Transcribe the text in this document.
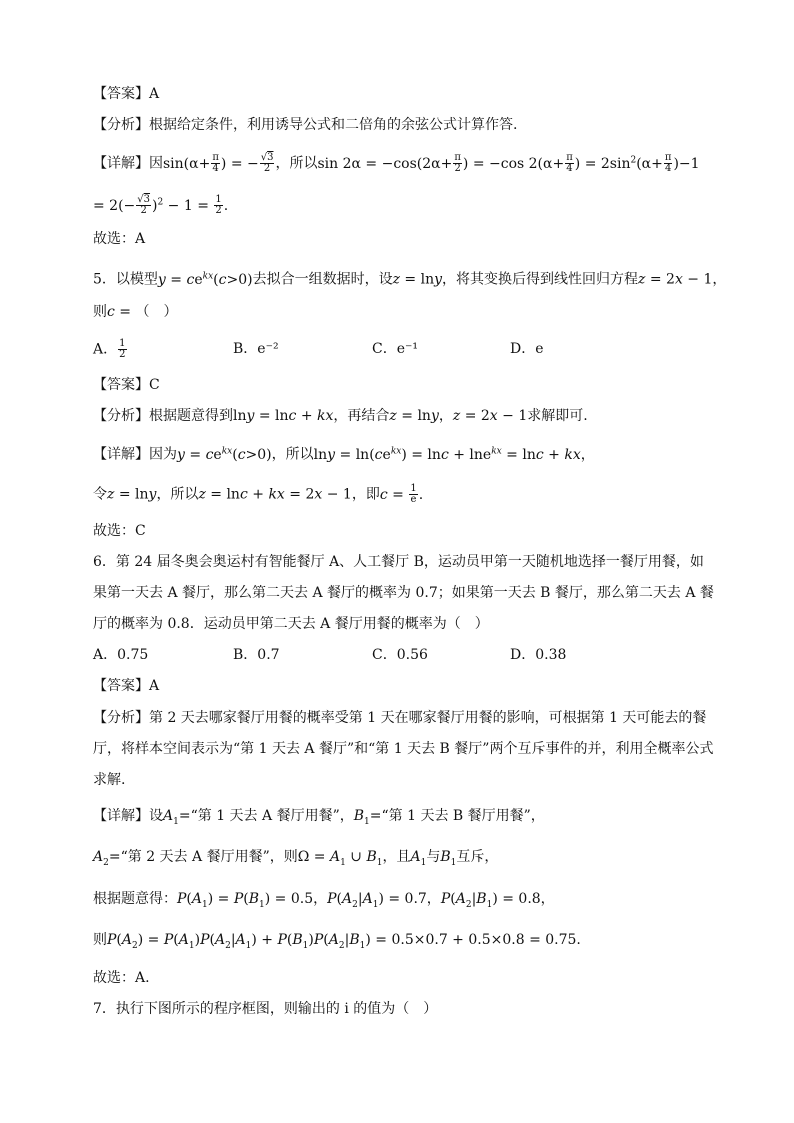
【答案】A
【分析】根据给定条件，利用诱导公式和二倍角的余弦公式计算作答.
【详解】因$\sin(\alpha+ \frac{\pi}{4}$ ) = − $\frac{√3}{2}$ ，所以$\sin 2\alpha = -\cos(2\alpha+ \frac{\pi}{2}$ ) = −cos $2(\alpha+ \frac{\pi}{4}$ ) = $2\sin^2(\alpha+ \frac{\pi}{4} )-1$
= $2(- \frac{√3}{2} )^2 - 1 = \frac{1}{2}$ .
故选：A
5．以模型$y = ce^{kx}(c>0)$去拟合一组数据时，设z = lny，将其变换后得到线性回归方程z = 2x − 1，
则c = （　）
A． $\frac{1}{2}$	B．e⁻²	C．e⁻¹	D．e
【答案】C
【分析】根据题意得到lny = lnc + kx，再结合z = lny，z = 2x − 1求解即可.
【详解】因为$y = ce^{kx}(c>0)$，所以$\ln y = \ln(ce^{kx}) = \ln c + \ln e^{kx} = \ln c$ + kx，
令z = lny，所以z = lnc + kx = 2x − 1，即$c = \frac{1}{e}$ .
故选：C
6．第 24 届冬奥会奥运村有智能餐厅 A、人工餐厅 B，运动员甲第一天随机地选择一餐厅用餐，如
果第一天去 A 餐厅，那么第二天去 A 餐厅的概率为 0.7；如果第一天去 B 餐厅，那么第二天去 A 餐
厅的概率为 0.8．运动员甲第二天去 A 餐厅用餐的概率为（　）
A．0.75	B．0.7	C．0.56	D．0.38
【答案】A
【分析】第 2 天去哪家餐厅用餐的概率受第 1 天在哪家餐厅用餐的影响，可根据第 1 天可能去的餐
厅，将样本空间表示为“第 1 天去 A 餐厅”和“第 1 天去 B 餐厅”两个互斥事件的并，利用全概率公式
求解.
【详解】设$A_1=“$第 1 天去 A 餐厅用餐”，$B_1=“$第 1 天去 B 餐厅用餐”，
$A_2=“$第 2 天去 A 餐厅用餐”，则$\Omega = A_1$ ∪ $B_1$，且$A_1$与$B_1$互斥，
根据题意得：$P(A_1) = P(B_1) = 0.5$，$P(A_2|A_1) = 0.7$，$P(A_2|B_1) = 0.8$，
则$P(A_2) = P(A_1)P(A_2|A_1) + P(B_1)P(A_2|B_1) = 0.5\times 0.7 + 0.5\times 0.8 = 0.75$.
故选：A.
7．执行下图所示的程序框图，则输出的 i 的值为（　）
